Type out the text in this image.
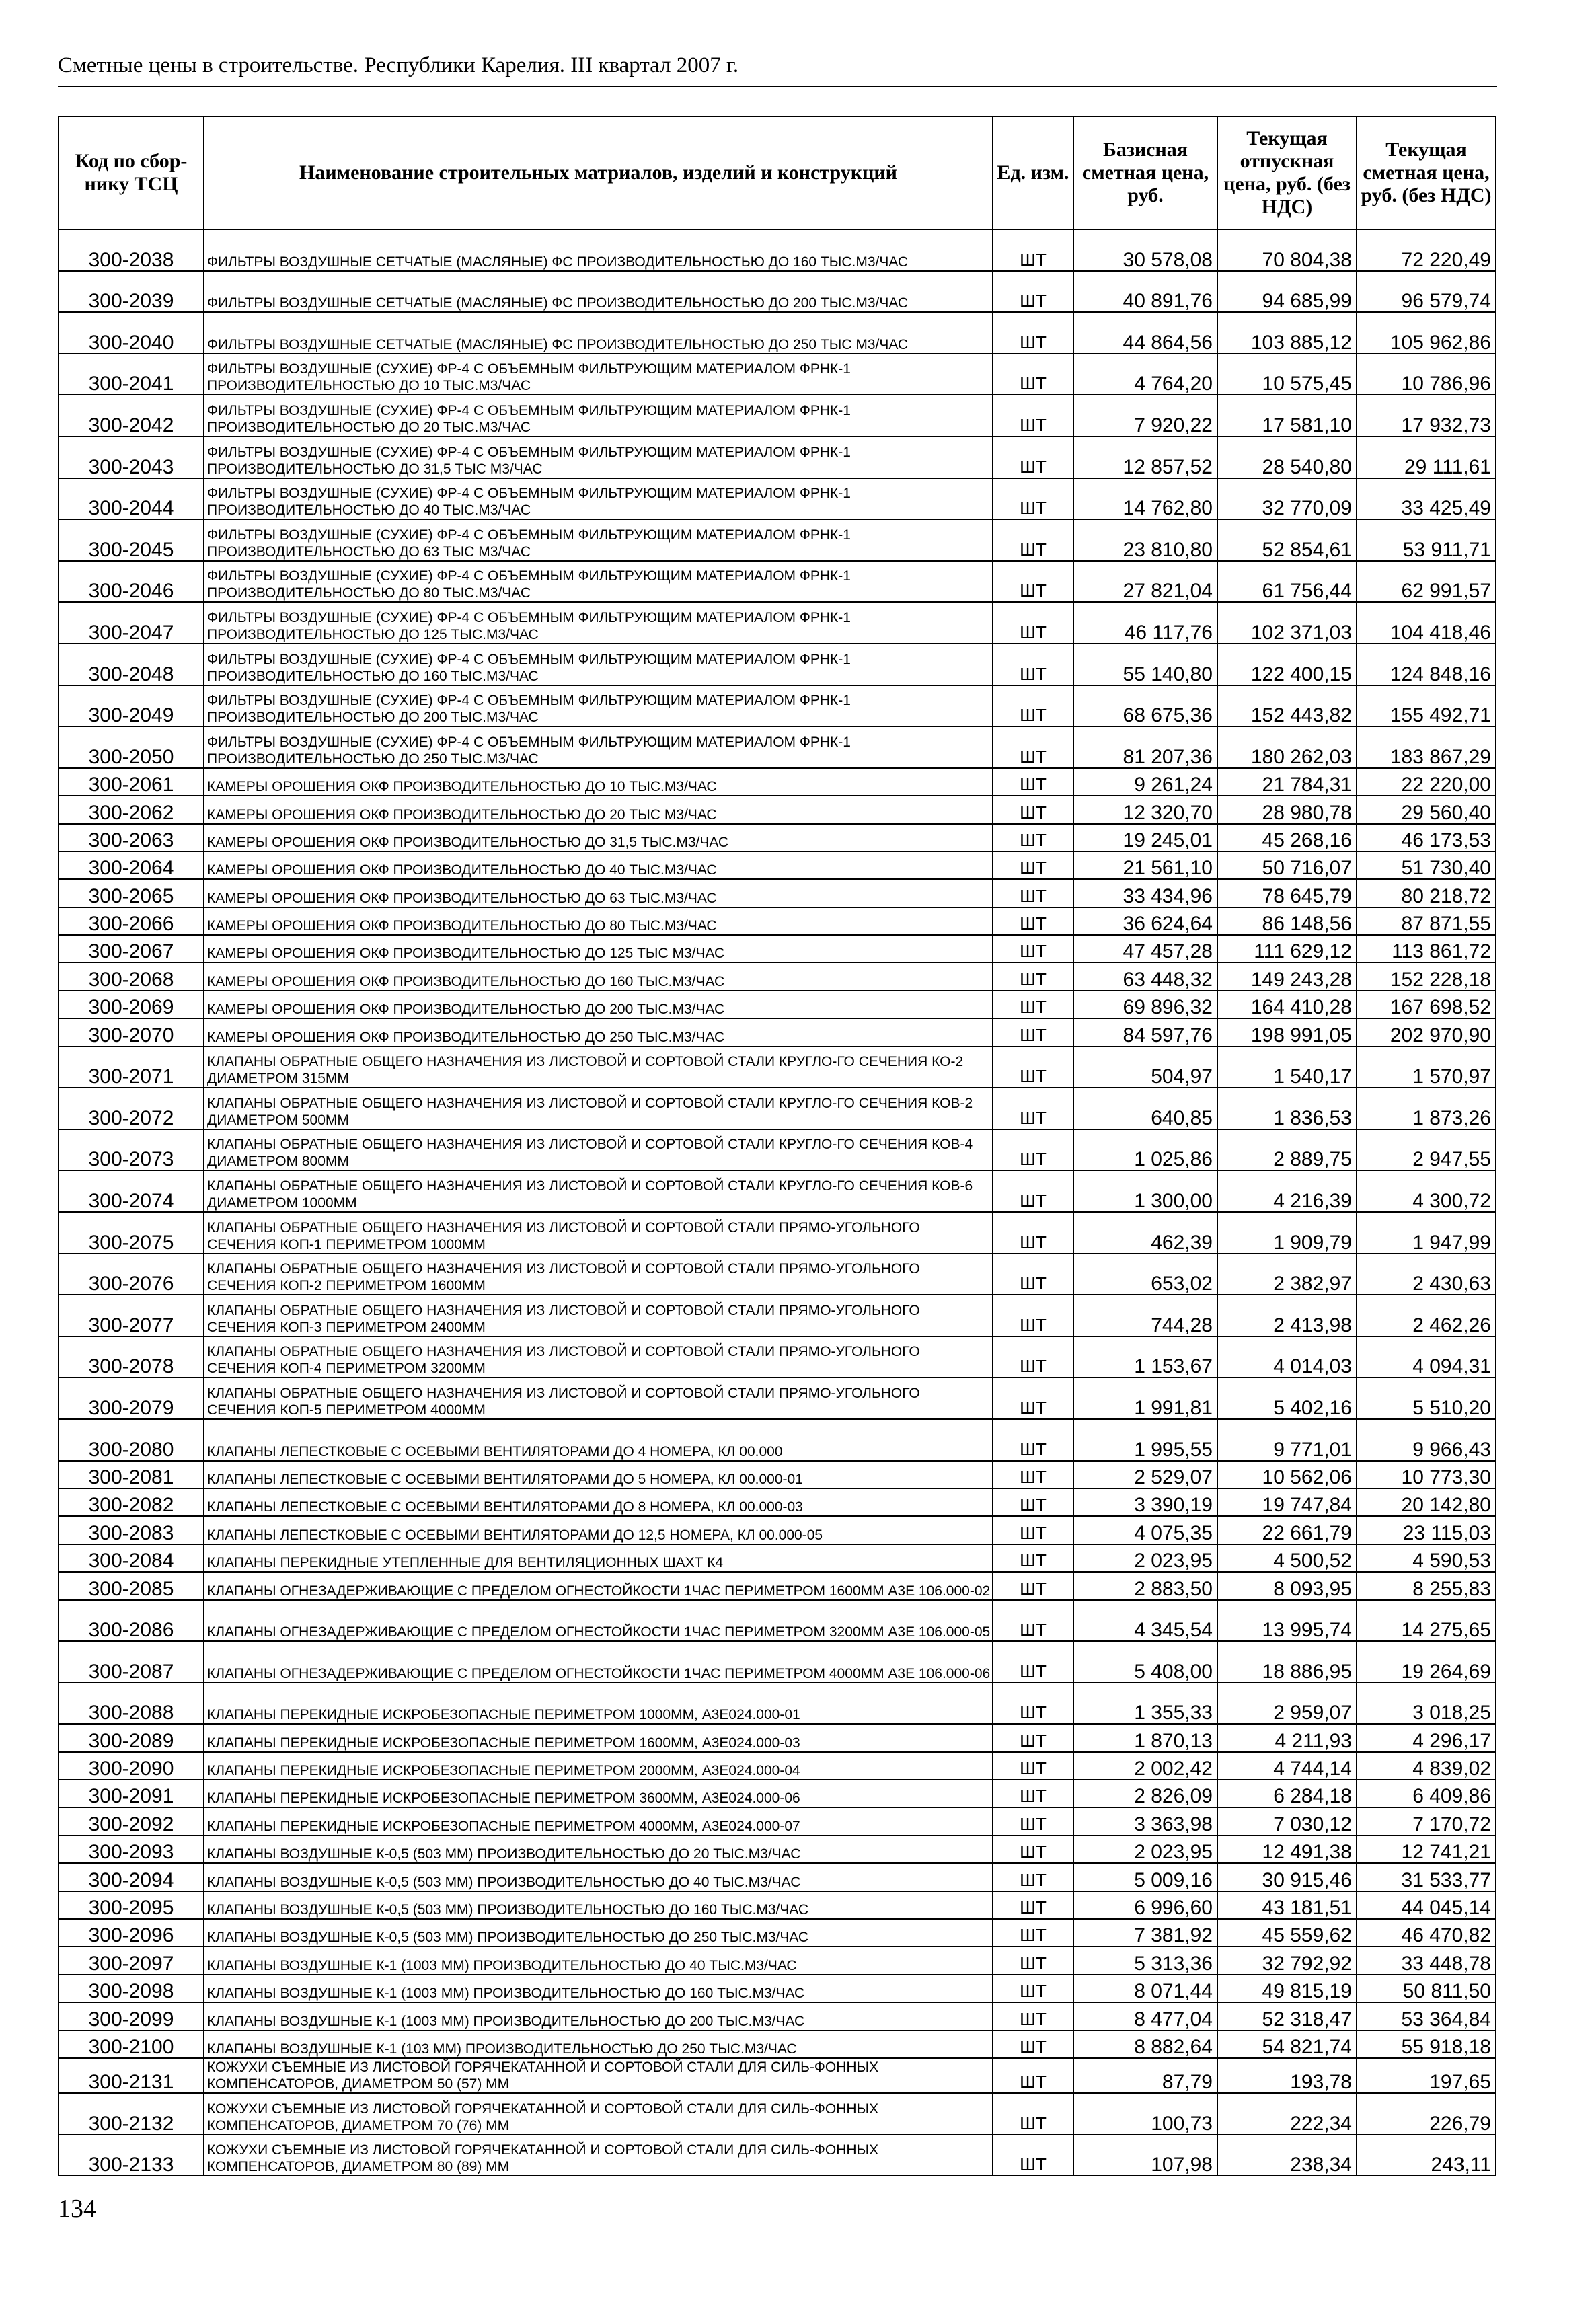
Сметные цены в строительстве. Республики Карелия. III квартал 2007 г.
Код по сбор-нику ТСЦ	Наименование строительных матриалов, изделий и конструкций	Ед. изм.	Базисная сметная цена, руб.	Текущая отпускная цена, руб. (без НДС)	Текущая сметная цена, руб. (без НДС)
300-2038	ФИЛЬТРЫ ВОЗДУШНЫЕ СЕТЧАТЫЕ (МАСЛЯНЫЕ) ФС ПРОИЗВОДИТЕЛЬНОСТЬЮ ДО 160 ТЫС.М3/ЧАС	ШТ	30 578,08	70 804,38	72 220,49
300-2039	ФИЛЬТРЫ ВОЗДУШНЫЕ СЕТЧАТЫЕ (МАСЛЯНЫЕ) ФС ПРОИЗВОДИТЕЛЬНОСТЬЮ ДО 200 ТЫС.М3/ЧАС	ШТ	40 891,76	94 685,99	96 579,74
300-2040	ФИЛЬТРЫ ВОЗДУШНЫЕ СЕТЧАТЫЕ (МАСЛЯНЫЕ) ФС ПРОИЗВОДИТЕЛЬНОСТЬЮ ДО 250 ТЫС М3/ЧАС	ШТ	44 864,56	103 885,12	105 962,86
300-2041	ФИЛЬТРЫ ВОЗДУШНЫЕ (СУХИЕ) ФР-4 С ОБЪЕМНЫМ ФИЛЬТРУЮЩИМ МАТЕРИАЛОМ ФРНК-1 ПРОИЗВОДИТЕЛЬНОСТЬЮ ДО 10 ТЫС.М3/ЧАС	ШТ	4 764,20	10 575,45	10 786,96
300-2042	ФИЛЬТРЫ ВОЗДУШНЫЕ (СУХИЕ) ФР-4 С ОБЪЕМНЫМ ФИЛЬТРУЮЩИМ МАТЕРИАЛОМ ФРНК-1 ПРОИЗВОДИТЕЛЬНОСТЬЮ ДО 20 ТЫС.М3/ЧАС	ШТ	7 920,22	17 581,10	17 932,73
300-2043	ФИЛЬТРЫ ВОЗДУШНЫЕ (СУХИЕ) ФР-4 С ОБЪЕМНЫМ ФИЛЬТРУЮЩИМ МАТЕРИАЛОМ ФРНК-1 ПРОИЗВОДИТЕЛЬНОСТЬЮ ДО 31,5 ТЫС М3/ЧАС	ШТ	12 857,52	28 540,80	29 111,61
300-2044	ФИЛЬТРЫ ВОЗДУШНЫЕ (СУХИЕ) ФР-4 С ОБЪЕМНЫМ ФИЛЬТРУЮЩИМ МАТЕРИАЛОМ ФРНК-1 ПРОИЗВОДИТЕЛЬНОСТЬЮ ДО 40 ТЫС.М3/ЧАС	ШТ	14 762,80	32 770,09	33 425,49
300-2045	ФИЛЬТРЫ ВОЗДУШНЫЕ (СУХИЕ) ФР-4 С ОБЪЕМНЫМ ФИЛЬТРУЮЩИМ МАТЕРИАЛОМ ФРНК-1 ПРОИЗВОДИТЕЛЬНОСТЬЮ ДО 63 ТЫС М3/ЧАС	ШТ	23 810,80	52 854,61	53 911,71
300-2046	ФИЛЬТРЫ ВОЗДУШНЫЕ (СУХИЕ) ФР-4 С ОБЪЕМНЫМ ФИЛЬТРУЮЩИМ МАТЕРИАЛОМ ФРНК-1 ПРОИЗВОДИТЕЛЬНОСТЬЮ ДО 80 ТЫС.М3/ЧАС	ШТ	27 821,04	61 756,44	62 991,57
300-2047	ФИЛЬТРЫ ВОЗДУШНЫЕ (СУХИЕ) ФР-4 С ОБЪЕМНЫМ ФИЛЬТРУЮЩИМ МАТЕРИАЛОМ ФРНК-1 ПРОИЗВОДИТЕЛЬНОСТЬЮ ДО 125 ТЫС.М3/ЧАС	ШТ	46 117,76	102 371,03	104 418,46
300-2048	ФИЛЬТРЫ ВОЗДУШНЫЕ (СУХИЕ) ФР-4 С ОБЪЕМНЫМ ФИЛЬТРУЮЩИМ МАТЕРИАЛОМ ФРНК-1 ПРОИЗВОДИТЕЛЬНОСТЬЮ ДО 160 ТЫС.М3/ЧАС	ШТ	55 140,80	122 400,15	124 848,16
300-2049	ФИЛЬТРЫ ВОЗДУШНЫЕ (СУХИЕ) ФР-4 С ОБЪЕМНЫМ ФИЛЬТРУЮЩИМ МАТЕРИАЛОМ ФРНК-1 ПРОИЗВОДИТЕЛЬНОСТЬЮ ДО 200 ТЫС.М3/ЧАС	ШТ	68 675,36	152 443,82	155 492,71
300-2050	ФИЛЬТРЫ ВОЗДУШНЫЕ (СУХИЕ) ФР-4 С ОБЪЕМНЫМ ФИЛЬТРУЮЩИМ МАТЕРИАЛОМ ФРНК-1 ПРОИЗВОДИТЕЛЬНОСТЬЮ ДО 250 ТЫС.М3/ЧАС	ШТ	81 207,36	180 262,03	183 867,29
300-2061	КАМЕРЫ ОРОШЕНИЯ ОКФ ПРОИЗВОДИТЕЛЬНОСТЬЮ ДО 10 ТЫС.М3/ЧАС	ШТ	9 261,24	21 784,31	22 220,00
300-2062	КАМЕРЫ ОРОШЕНИЯ ОКФ ПРОИЗВОДИТЕЛЬНОСТЬЮ ДО 20 ТЫС М3/ЧАС	ШТ	12 320,70	28 980,78	29 560,40
300-2063	КАМЕРЫ ОРОШЕНИЯ ОКФ ПРОИЗВОДИТЕЛЬНОСТЬЮ ДО 31,5 ТЫС.М3/ЧАС	ШТ	19 245,01	45 268,16	46 173,53
300-2064	КАМЕРЫ ОРОШЕНИЯ ОКФ ПРОИЗВОДИТЕЛЬНОСТЬЮ ДО 40 ТЫС.М3/ЧАС	ШТ	21 561,10	50 716,07	51 730,40
300-2065	КАМЕРЫ ОРОШЕНИЯ ОКФ ПРОИЗВОДИТЕЛЬНОСТЬЮ ДО 63 ТЫС.М3/ЧАС	ШТ	33 434,96	78 645,79	80 218,72
300-2066	КАМЕРЫ ОРОШЕНИЯ ОКФ ПРОИЗВОДИТЕЛЬНОСТЬЮ ДО 80 ТЫС.М3/ЧАС	ШТ	36 624,64	86 148,56	87 871,55
300-2067	КАМЕРЫ ОРОШЕНИЯ ОКФ ПРОИЗВОДИТЕЛЬНОСТЬЮ ДО 125 ТЫС М3/ЧАС	ШТ	47 457,28	111 629,12	113 861,72
300-2068	КАМЕРЫ ОРОШЕНИЯ ОКФ ПРОИЗВОДИТЕЛЬНОСТЬЮ ДО 160 ТЫС.М3/ЧАС	ШТ	63 448,32	149 243,28	152 228,18
300-2069	КАМЕРЫ ОРОШЕНИЯ ОКФ ПРОИЗВОДИТЕЛЬНОСТЬЮ ДО 200 ТЫС.М3/ЧАС	ШТ	69 896,32	164 410,28	167 698,52
300-2070	КАМЕРЫ ОРОШЕНИЯ ОКФ ПРОИЗВОДИТЕЛЬНОСТЬЮ ДО 250 ТЫС.М3/ЧАС	ШТ	84 597,76	198 991,05	202 970,90
300-2071	КЛАПАНЫ ОБРАТНЫЕ ОБЩЕГО НАЗНАЧЕНИЯ ИЗ ЛИСТОВОЙ И СОРТОВОЙ СТАЛИ КРУГЛО-ГО СЕЧЕНИЯ КО-2 ДИАМЕТРОМ 315ММ	ШТ	504,97	1 540,17	1 570,97
300-2072	КЛАПАНЫ ОБРАТНЫЕ ОБЩЕГО НАЗНАЧЕНИЯ ИЗ ЛИСТОВОЙ И СОРТОВОЙ СТАЛИ КРУГЛО-ГО СЕЧЕНИЯ КОВ-2 ДИАМЕТРОМ 500ММ	ШТ	640,85	1 836,53	1 873,26
300-2073	КЛАПАНЫ ОБРАТНЫЕ ОБЩЕГО НАЗНАЧЕНИЯ ИЗ ЛИСТОВОЙ И СОРТОВОЙ СТАЛИ КРУГЛО-ГО СЕЧЕНИЯ КОВ-4 ДИАМЕТРОМ 800ММ	ШТ	1 025,86	2 889,75	2 947,55
300-2074	КЛАПАНЫ ОБРАТНЫЕ ОБЩЕГО НАЗНАЧЕНИЯ ИЗ ЛИСТОВОЙ И СОРТОВОЙ СТАЛИ КРУГЛО-ГО СЕЧЕНИЯ КОВ-6 ДИАМЕТРОМ 1000ММ	ШТ	1 300,00	4 216,39	4 300,72
300-2075	КЛАПАНЫ ОБРАТНЫЕ ОБЩЕГО НАЗНАЧЕНИЯ ИЗ ЛИСТОВОЙ И СОРТОВОЙ СТАЛИ ПРЯМО-УГОЛЬНОГО СЕЧЕНИЯ КОП-1 ПЕРИМЕТРОМ 1000ММ	ШТ	462,39	1 909,79	1 947,99
300-2076	КЛАПАНЫ ОБРАТНЫЕ ОБЩЕГО НАЗНАЧЕНИЯ ИЗ ЛИСТОВОЙ И СОРТОВОЙ СТАЛИ ПРЯМО-УГОЛЬНОГО СЕЧЕНИЯ КОП-2 ПЕРИМЕТРОМ 1600ММ	ШТ	653,02	2 382,97	2 430,63
300-2077	КЛАПАНЫ ОБРАТНЫЕ ОБЩЕГО НАЗНАЧЕНИЯ ИЗ ЛИСТОВОЙ И СОРТОВОЙ СТАЛИ ПРЯМО-УГОЛЬНОГО СЕЧЕНИЯ КОП-3 ПЕРИМЕТРОМ 2400ММ	ШТ	744,28	2 413,98	2 462,26
300-2078	КЛАПАНЫ ОБРАТНЫЕ ОБЩЕГО НАЗНАЧЕНИЯ ИЗ ЛИСТОВОЙ И СОРТОВОЙ СТАЛИ ПРЯМО-УГОЛЬНОГО СЕЧЕНИЯ КОП-4 ПЕРИМЕТРОМ 3200ММ	ШТ	1 153,67	4 014,03	4 094,31
300-2079	КЛАПАНЫ ОБРАТНЫЕ ОБЩЕГО НАЗНАЧЕНИЯ ИЗ ЛИСТОВОЙ И СОРТОВОЙ СТАЛИ ПРЯМО-УГОЛЬНОГО СЕЧЕНИЯ КОП-5 ПЕРИМЕТРОМ 4000ММ	ШТ	1 991,81	5 402,16	5 510,20
300-2080	КЛАПАНЫ ЛЕПЕСТКОВЫЕ С ОСЕВЫМИ ВЕНТИЛЯТОРАМИ ДО 4 НОМЕРА, КЛ 00.000	ШТ	1 995,55	9 771,01	9 966,43
300-2081	КЛАПАНЫ ЛЕПЕСТКОВЫЕ С ОСЕВЫМИ ВЕНТИЛЯТОРАМИ ДО 5 НОМЕРА, КЛ 00.000-01	ШТ	2 529,07	10 562,06	10 773,30
300-2082	КЛАПАНЫ ЛЕПЕСТКОВЫЕ С ОСЕВЫМИ ВЕНТИЛЯТОРАМИ ДО 8 НОМЕРА, КЛ 00.000-03	ШТ	3 390,19	19 747,84	20 142,80
300-2083	КЛАПАНЫ ЛЕПЕСТКОВЫЕ С ОСЕВЫМИ ВЕНТИЛЯТОРАМИ ДО 12,5 НОМЕРА, КЛ 00.000-05	ШТ	4 075,35	22 661,79	23 115,03
300-2084	КЛАПАНЫ ПЕРЕКИДНЫЕ УТЕПЛЕННЫЕ ДЛЯ ВЕНТИЛЯЦИОННЫХ ШАХТ К4	ШТ	2 023,95	4 500,52	4 590,53
300-2085	КЛАПАНЫ ОГНЕЗАДЕРЖИВАЮЩИЕ С ПРЕДЕЛОМ ОГНЕСТОЙКОСТИ 1ЧАС ПЕРИМЕТРОМ 1600ММ А3Е 106.000-02	ШТ	2 883,50	8 093,95	8 255,83
300-2086	КЛАПАНЫ ОГНЕЗАДЕРЖИВАЮЩИЕ С ПРЕДЕЛОМ ОГНЕСТОЙКОСТИ 1ЧАС ПЕРИМЕТРОМ 3200ММ А3Е 106.000-05	ШТ	4 345,54	13 995,74	14 275,65
300-2087	КЛАПАНЫ ОГНЕЗАДЕРЖИВАЮЩИЕ С ПРЕДЕЛОМ ОГНЕСТОЙКОСТИ 1ЧАС ПЕРИМЕТРОМ 4000ММ А3Е 106.000-06	ШТ	5 408,00	18 886,95	19 264,69
300-2088	КЛАПАНЫ ПЕРЕКИДНЫЕ ИСКРОБЕЗОПАСНЫЕ ПЕРИМЕТРОМ 1000ММ, А3Е024.000-01	ШТ	1 355,33	2 959,07	3 018,25
300-2089	КЛАПАНЫ ПЕРЕКИДНЫЕ ИСКРОБЕЗОПАСНЫЕ ПЕРИМЕТРОМ 1600ММ, А3Е024.000-03	ШТ	1 870,13	4 211,93	4 296,17
300-2090	КЛАПАНЫ ПЕРЕКИДНЫЕ ИСКРОБЕЗОПАСНЫЕ ПЕРИМЕТРОМ 2000ММ, А3Е024.000-04	ШТ	2 002,42	4 744,14	4 839,02
300-2091	КЛАПАНЫ ПЕРЕКИДНЫЕ ИСКРОБЕЗОПАСНЫЕ ПЕРИМЕТРОМ 3600ММ, А3Е024.000-06	ШТ	2 826,09	6 284,18	6 409,86
300-2092	КЛАПАНЫ ПЕРЕКИДНЫЕ ИСКРОБЕЗОПАСНЫЕ ПЕРИМЕТРОМ 4000ММ, А3Е024.000-07	ШТ	3 363,98	7 030,12	7 170,72
300-2093	КЛАПАНЫ ВОЗДУШНЫЕ К-0,5 (503 ММ) ПРОИЗВОДИТЕЛЬНОСТЬЮ ДО 20 ТЫС.М3/ЧАС	ШТ	2 023,95	12 491,38	12 741,21
300-2094	КЛАПАНЫ ВОЗДУШНЫЕ К-0,5 (503 ММ) ПРОИЗВОДИТЕЛЬНОСТЬЮ ДО 40 ТЫС.М3/ЧАС	ШТ	5 009,16	30 915,46	31 533,77
300-2095	КЛАПАНЫ ВОЗДУШНЫЕ К-0,5 (503 ММ) ПРОИЗВОДИТЕЛЬНОСТЬЮ ДО 160 ТЫС.М3/ЧАС	ШТ	6 996,60	43 181,51	44 045,14
300-2096	КЛАПАНЫ ВОЗДУШНЫЕ К-0,5 (503 ММ) ПРОИЗВОДИТЕЛЬНОСТЬЮ ДО 250 ТЫС.М3/ЧАС	ШТ	7 381,92	45 559,62	46 470,82
300-2097	КЛАПАНЫ ВОЗДУШНЫЕ К-1 (1003 ММ) ПРОИЗВОДИТЕЛЬНОСТЬЮ ДО 40 ТЫС.М3/ЧАС	ШТ	5 313,36	32 792,92	33 448,78
300-2098	КЛАПАНЫ ВОЗДУШНЫЕ К-1 (1003 ММ) ПРОИЗВОДИТЕЛЬНОСТЬЮ ДО 160 ТЫС.М3/ЧАС	ШТ	8 071,44	49 815,19	50 811,50
300-2099	КЛАПАНЫ ВОЗДУШНЫЕ К-1 (1003 ММ) ПРОИЗВОДИТЕЛЬНОСТЬЮ ДО 200 ТЫС.М3/ЧАС	ШТ	8 477,04	52 318,47	53 364,84
300-2100	КЛАПАНЫ ВОЗДУШНЫЕ К-1 (103 ММ) ПРОИЗВОДИТЕЛЬНОСТЬЮ ДО 250 ТЫС.М3/ЧАС	ШТ	8 882,64	54 821,74	55 918,18
300-2131	КОЖУХИ СЪЕМНЫЕ ИЗ ЛИСТОВОЙ ГОРЯЧЕКАТАННОЙ И СОРТОВОЙ СТАЛИ ДЛЯ СИЛЬ-ФОННЫХ КОМПЕНСАТОРОВ, ДИАМЕТРОМ 50 (57) ММ	ШТ	87,79	193,78	197,65
300-2132	КОЖУХИ СЪЕМНЫЕ ИЗ ЛИСТОВОЙ ГОРЯЧЕКАТАННОЙ И СОРТОВОЙ СТАЛИ ДЛЯ СИЛЬ-ФОННЫХ КОМПЕНСАТОРОВ, ДИАМЕТРОМ 70 (76) ММ	ШТ	100,73	222,34	226,79
300-2133	КОЖУХИ СЪЕМНЫЕ ИЗ ЛИСТОВОЙ ГОРЯЧЕКАТАННОЙ И СОРТОВОЙ СТАЛИ ДЛЯ СИЛЬ-ФОННЫХ КОМПЕНСАТОРОВ, ДИАМЕТРОМ 80 (89) ММ	ШТ	107,98	238,34	243,11
134
